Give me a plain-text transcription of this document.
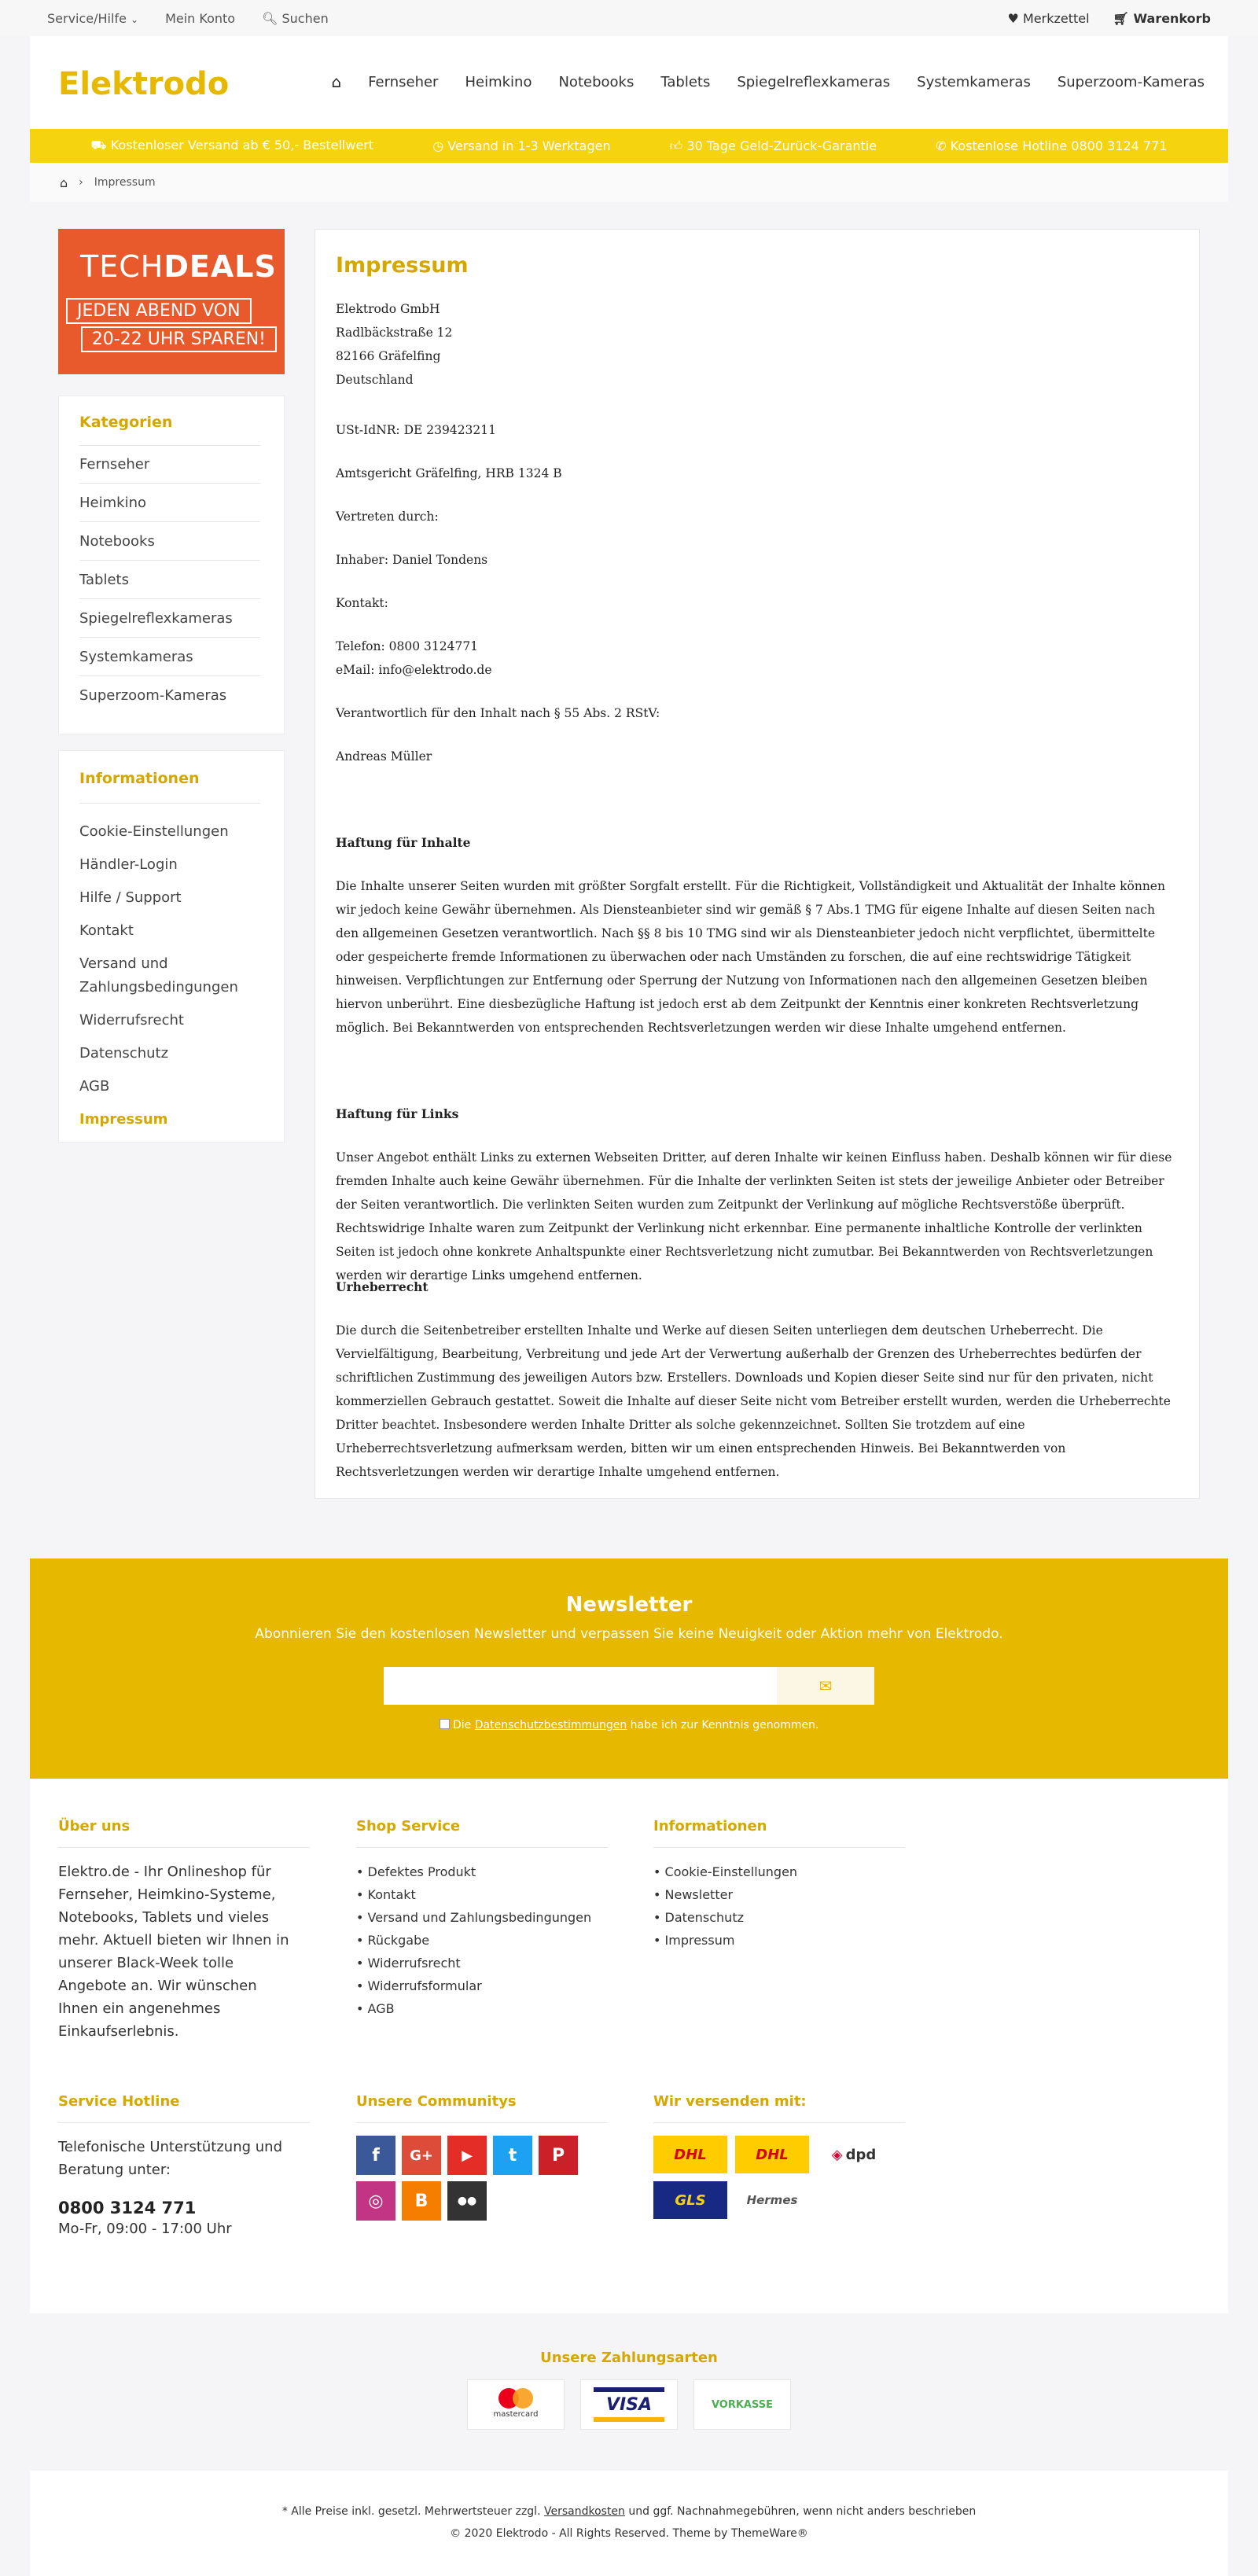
Service/Hilfe ⌄ Mein Konto 🔍︎ Suchen	♥ Merkzettel 🛒︎ Warenkorb
Elektrodo	⌂ Fernseher Heimkino Notebooks Tablets Spiegelreflexkameras Systemkameras Superzoom-Kameras
⛟ Kostenloser Versand ab € 50,- Bestellwert	◷ Versand in 1-3 Werktagen	👍︎ 30 Tage Geld-Zurück-Garantie	✆ Kostenlose Hotline 0800 3124 771
⌂ › Impressum
TECHDEALS
JEDEN ABEND VON
20-22 UHR SPAREN!
Kategorien
Fernseher
Heimkino
Notebooks
Tablets
Spiegelreflexkameras
Systemkameras
Superzoom-Kameras
Informationen
Cookie-Einstellungen
Händler-Login
Hilfe / Support
Kontakt
Versand und Zahlungsbedingungen
Widerrufsrecht
Datenschutz
AGB
Impressum
Impressum
Elektrodo GmbH
Radlbäckstraße 12
82166 Gräfelfing
Deutschland
USt-IdNR: DE 239423211
Amtsgericht Gräfelfing, HRB 1324 B
Vertreten durch:
Inhaber: Daniel Tondens
Kontakt:
Telefon: 0800 3124771
eMail: info@elektrodo.de
Verantwortlich für den Inhalt nach § 55 Abs. 2 RStV:
Andreas Müller
Haftung für Inhalte
Die Inhalte unserer Seiten wurden mit größter Sorgfalt erstellt. Für die Richtigkeit, Vollständigkeit und Aktualität der Inhalte können wir jedoch keine Gewähr übernehmen. Als Diensteanbieter sind wir gemäß § 7 Abs.1 TMG für eigene Inhalte auf diesen Seiten nach den allgemeinen Gesetzen verantwortlich. Nach §§ 8 bis 10 TMG sind wir als Diensteanbieter jedoch nicht verpflichtet, übermittelte oder gespeicherte fremde Informationen zu überwachen oder nach Umständen zu forschen, die auf eine rechtswidrige Tätigkeit hinweisen. Verpflichtungen zur Entfernung oder Sperrung der Nutzung von Informationen nach den allgemeinen Gesetzen bleiben hiervon unberührt. Eine diesbezügliche Haftung ist jedoch erst ab dem Zeitpunkt der Kenntnis einer konkreten Rechtsverletzung möglich. Bei Bekanntwerden von entsprechenden Rechtsverletzungen werden wir diese Inhalte umgehend entfernen.
Haftung für Links
Unser Angebot enthält Links zu externen Webseiten Dritter, auf deren Inhalte wir keinen Einfluss haben. Deshalb können wir für diese fremden Inhalte auch keine Gewähr übernehmen. Für die Inhalte der verlinkten Seiten ist stets der jeweilige Anbieter oder Betreiber der Seiten verantwortlich. Die verlinkten Seiten wurden zum Zeitpunkt der Verlinkung auf mögliche Rechtsverstöße überprüft. Rechtswidrige Inhalte waren zum Zeitpunkt der Verlinkung nicht erkennbar. Eine permanente inhaltliche Kontrolle der verlinkten Seiten ist jedoch ohne konkrete Anhaltspunkte einer Rechtsverletzung nicht zumutbar. Bei Bekanntwerden von Rechtsverletzungen werden wir derartige Links umgehend entfernen.
Urheberrecht
Die durch die Seitenbetreiber erstellten Inhalte und Werke auf diesen Seiten unterliegen dem deutschen Urheberrecht. Die Vervielfältigung, Bearbeitung, Verbreitung und jede Art der Verwertung außerhalb der Grenzen des Urheberrechtes bedürfen der schriftlichen Zustimmung des jeweiligen Autors bzw. Erstellers. Downloads und Kopien dieser Seite sind nur für den privaten, nicht kommerziellen Gebrauch gestattet. Soweit die Inhalte auf dieser Seite nicht vom Betreiber erstellt wurden, werden die Urheberrechte Dritter beachtet. Insbesondere werden Inhalte Dritter als solche gekennzeichnet. Sollten Sie trotzdem auf eine Urheberrechtsverletzung aufmerksam werden, bitten wir um einen entsprechenden Hinweis. Bei Bekanntwerden von Rechtsverletzungen werden wir derartige Inhalte umgehend entfernen.
Newsletter
Abonnieren Sie den kostenlosen Newsletter und verpassen Sie keine Neuigkeit oder Aktion mehr von Elektrodo.
✉
Die Datenschutzbestimmungen habe ich zur Kenntnis genommen.
Über uns
Elektro.de - Ihr Onlineshop für Fernseher, Heimkino-Systeme, Notebooks, Tablets und vieles mehr. Aktuell bieten wir Ihnen in unserer Black-Week tolle Angebote an. Wir wünschen Ihnen ein angenehmes Einkaufserlebnis.
Shop Service
• Defektes Produkt
• Kontakt
• Versand und Zahlungsbedingungen
• Rückgabe
• Widerrufsrecht
• Widerrufsformular
• AGB
Informationen
• Cookie-Einstellungen
• Newsletter
• Datenschutz
• Impressum
Service Hotline
Telefonische Unterstützung und Beratung unter:
0800 3124 771
Mo-Fr, 09:00 - 17:00 Uhr
Unsere Communitys
f	G+	▶	t	P
◎	B	●●
Wir versenden mit:
DHL	DHL	◈ dpd
GLS	Hermes
Unsere Zahlungsarten
mastercard	VISA	VORKASSE
* Alle Preise inkl. gesetzl. Mehrwertsteuer zzgl. Versandkosten und ggf. Nachnahmegebühren, wenn nicht anders beschrieben
© 2020 Elektrodo - All Rights Reserved. Theme by ThemeWare®
